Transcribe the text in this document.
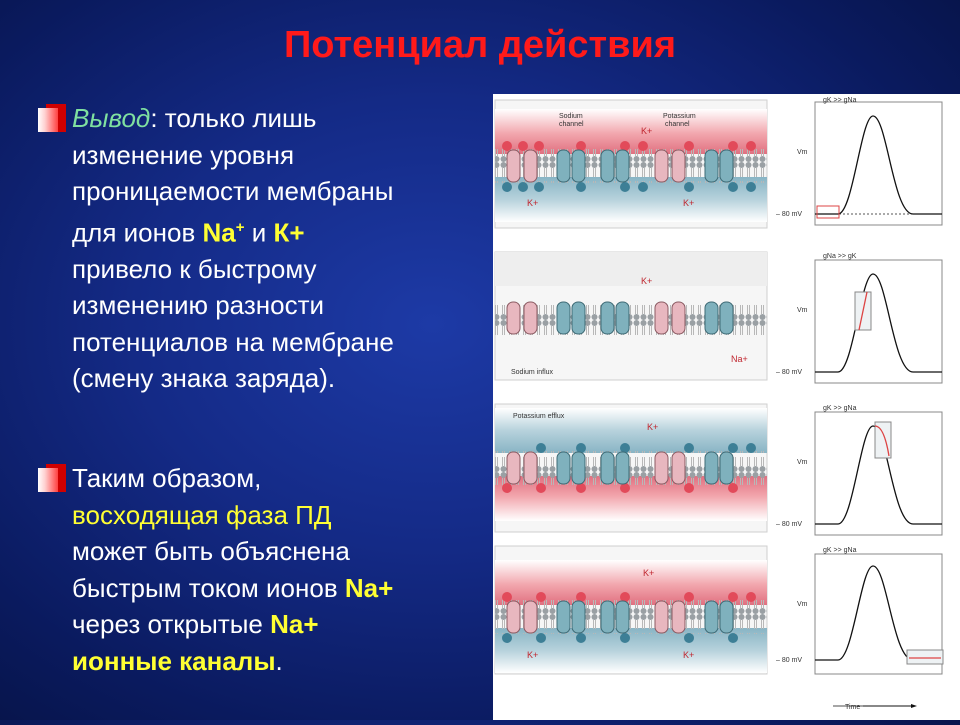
Потенциал действия
Вывод: только лишь
изменение уровня
проницаемости мембраны
для ионов Na+ и К+
привело к быстрому
изменению разности
потенциалов на мембране
(смену знака заряда).
Таким образом,
восходящая фаза ПД
может быть объяснена
быстрым током ионов Na+
через открытые Na+
ионные каналы.
Sodium
channel
Potassium
channel
K+
K+	K+
gK >> gNa
Vm
– 80 mV
K+
Na+
Sodium influx
gNa >> gK
Vm
– 80 mV
Potassium efflux
K+
gK >> gNa
Vm
– 80 mV
K+
K+	K+
gK >> gNa
Vm
– 80 mV
Time
